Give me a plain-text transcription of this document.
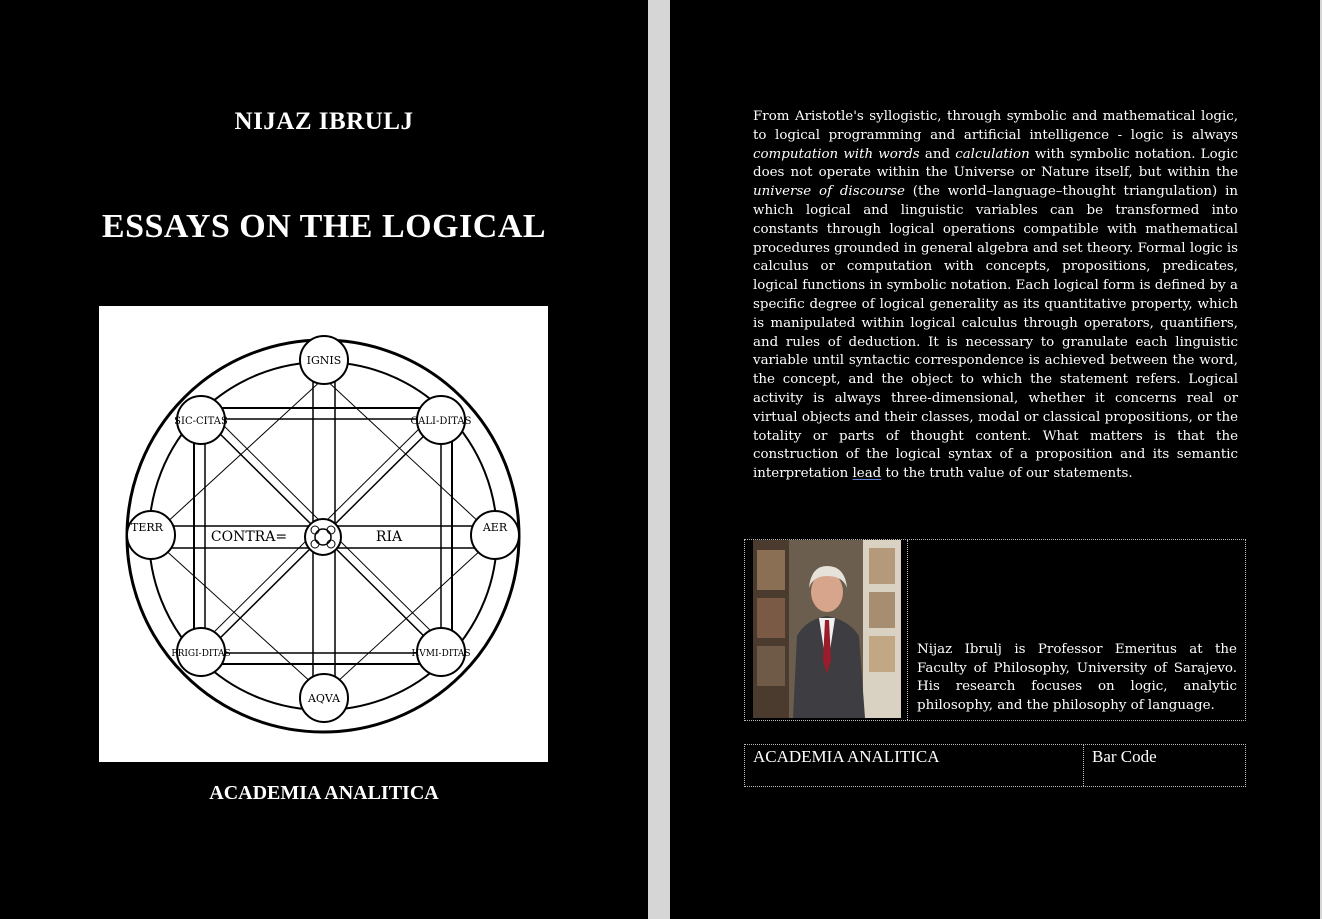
NIJAZ IBRULJ
ESSAYS ON THE LOGICAL
IGNIS
AQVA
TERR	AER
SIC-CITAS	CALI-DITAS
FRIGI-DITAS	HVMI-DITAS
CONTRA=	RIA
ACADEMIA ANALITICA

From Aristotle's syllogistic, through symbolic and mathematical logic, to logical programming and artificial intelligence - logic is always computation with words and calculation with symbolic notation. Logic does not operate within the Universe or Nature itself, but within the universe of discourse (the world–language–thought triangulation) in which logical and linguistic variables can be transformed into constants through logical operations compatible with mathematical procedures grounded in general algebra and set theory. Formal logic is calculus or computation with concepts, propositions, predicates, logical functions in symbolic notation. Each logical form is defined by a specific degree of logical generality as its quantitative property, which is manipulated within logical calculus through operators, quantifiers, and rules of deduction. It is necessary to granulate each linguistic variable until syntactic correspondence is achieved between the word, the concept, and the object to which the statement refers. Logical activity is always three-dimensional, whether it concerns real or virtual objects and their classes, modal or classical propositions, or the totality or parts of thought content. What matters is that the construction of the logical syntax of a proposition and its semantic interpretation lead to the truth value of our statements.

Nijaz Ibrulj is Professor Emeritus at the Faculty of Philosophy, University of Sarajevo. His research focuses on logic, analytic philosophy, and the philosophy of language.

ACADEMIA ANALITICA	Bar Code
